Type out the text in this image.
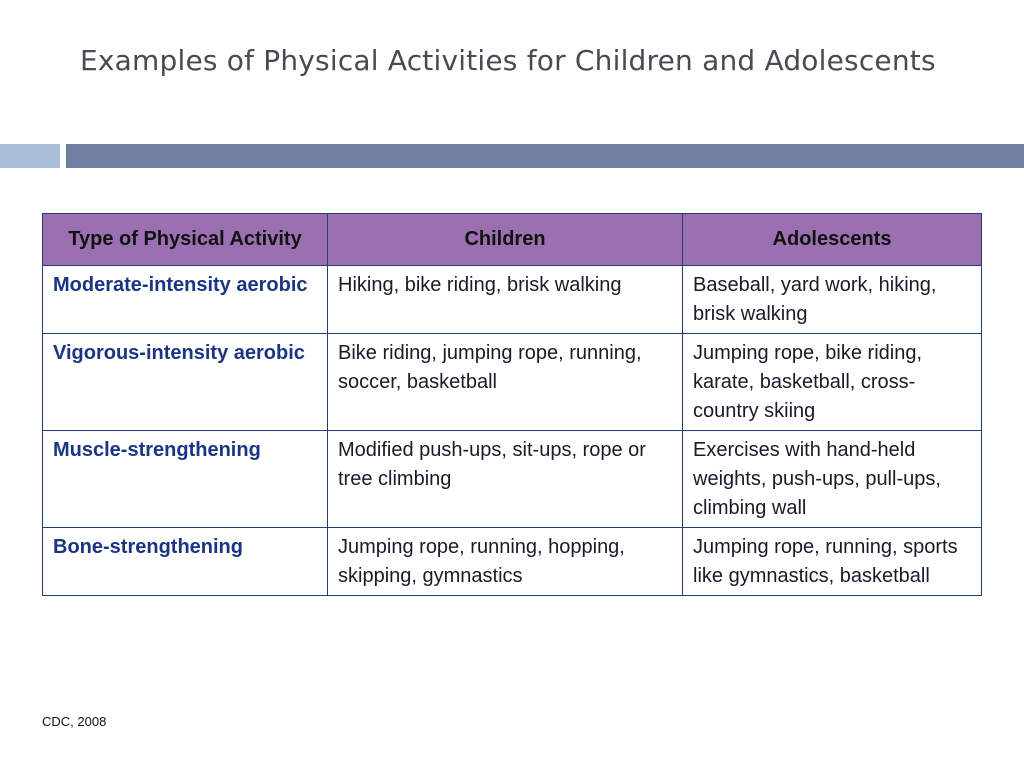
Examples of Physical Activities for Children and Adolescents
Type of Physical Activity	Children	Adolescents
Moderate-intensity aerobic	Hiking, bike riding, brisk walking	Baseball, yard work, hiking, brisk walking
Vigorous-intensity aerobic	Bike riding, jumping rope, running, soccer, basketball	Jumping rope, bike riding, karate, basketball, cross-country skiing
Muscle-strengthening	Modified push-ups, sit-ups, rope or tree climbing	Exercises with hand-held weights, push-ups, pull-ups, climbing wall
Bone-strengthening	Jumping rope, running, hopping, skipping, gymnastics	Jumping rope, running, sports like gymnastics, basketball
CDC, 2008
